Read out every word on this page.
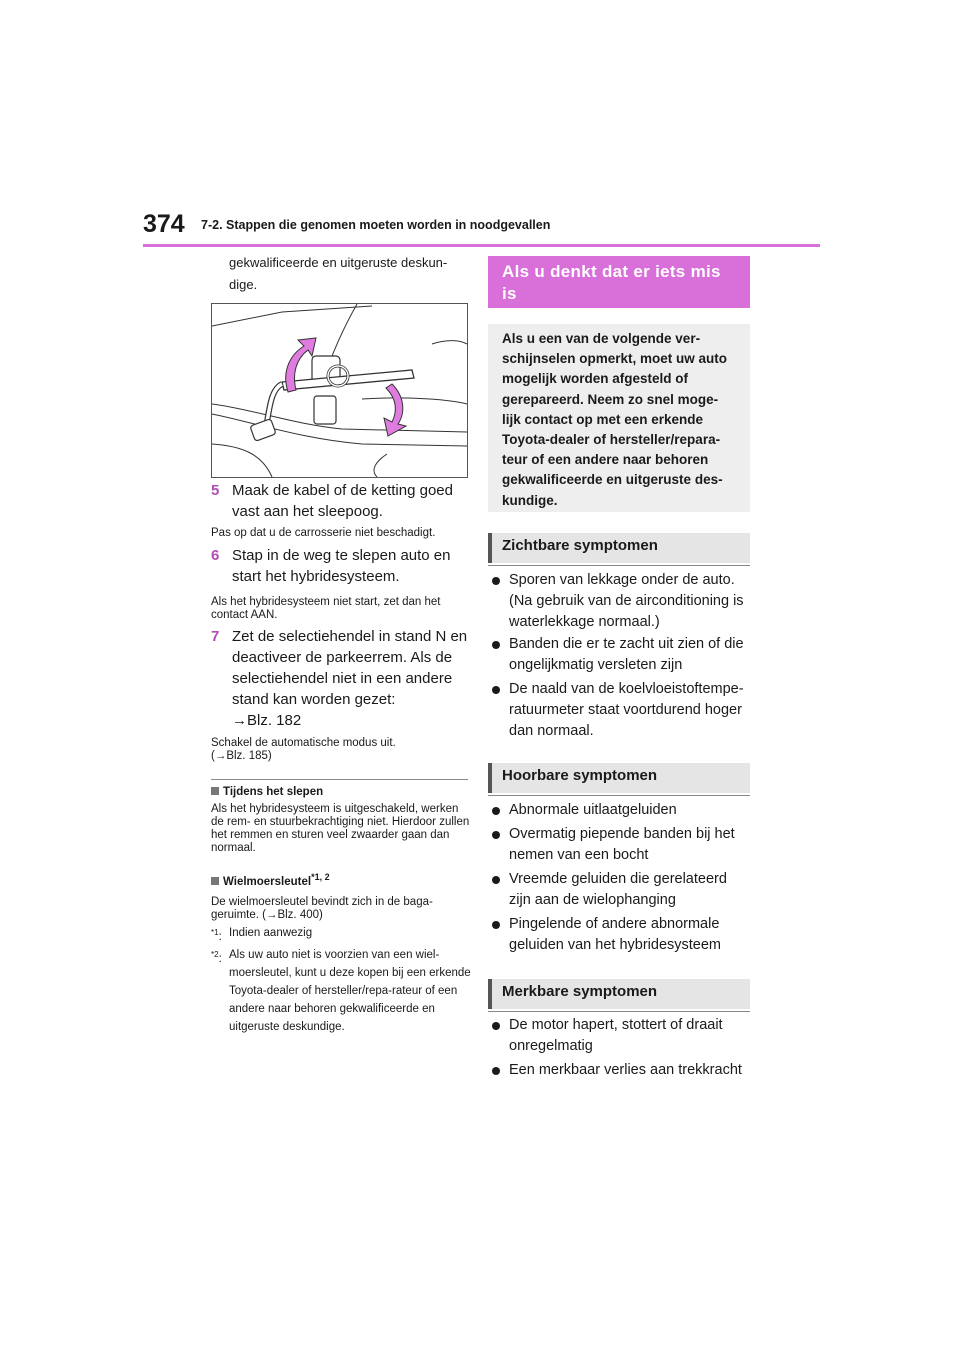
374 7-2. Stappen die genomen moeten worden in noodgevallen

gekwalificeerde en uitgeruste deskun-

dige.

5 Maak de kabel of de ketting goed vast aan het sleepoog.
Pas op dat u de carrosserie niet beschadigt.
6 Stap in de weg te slepen auto en start het hybridesysteem.
Als het hybridesysteem niet start, zet dan het contact AAN.
7 Zet de selectiehendel in stand N en deactiveer de parkeerrem. Als de selectiehendel niet in een andere stand kan worden gezet:
→Blz. 182
Schakel de automatische modus uit.
(→Blz. 185)
Tijdens het slepen
Als het hybridesysteem is uitgeschakeld, werken de rem- en stuurbekrachtiging niet. Hierdoor zullen het remmen en sturen veel zwaarder gaan dan normaal.
Wielmoersleutel$^{*1, 2}$
De wielmoersleutel bevindt zich in de baga-geruimte. (→Blz. 400)
$^{*1}$: Indien aanwezig
$^{*2}$: Als uw auto niet is voorzien van een wiel-moersleutel, kunt u deze kopen bij een erkende Toyota-dealer of hersteller/repa-rateur of een andere naar behoren gekwalificeerde en uitgeruste deskundige.
Als u denkt dat er iets mis is
Als u een van de volgende ver-schijnselen opmerkt, moet uw auto mogelijk worden afgesteld of gerepareerd. Neem zo snel moge-lijk contact op met een erkende Toyota-dealer of hersteller/repara-teur of een andere naar behoren gekwalificeerde en uitgeruste des-kundige.
Zichtbare symptomen
Sporen van lekkage onder de auto. (Na gebruik van de airconditioning is waterlekkage normaal.)
Banden die er te zacht uit zien of die ongelijkmatig versleten zijn
De naald van de koelvloeistoftempe-ratuurmeter staat voortdurend hoger dan normaal.
Hoorbare symptomen
Abnormale uitlaatgeluiden
Overmatig piepende banden bij het nemen van een bocht
Vreemde geluiden die gerelateerd zijn aan de wielophanging
Pingelende of andere abnormale geluiden van het hybridesysteem
Merkbare symptomen
De motor hapert, stottert of draait onregelmatig
Een merkbaar verlies aan trekkracht
